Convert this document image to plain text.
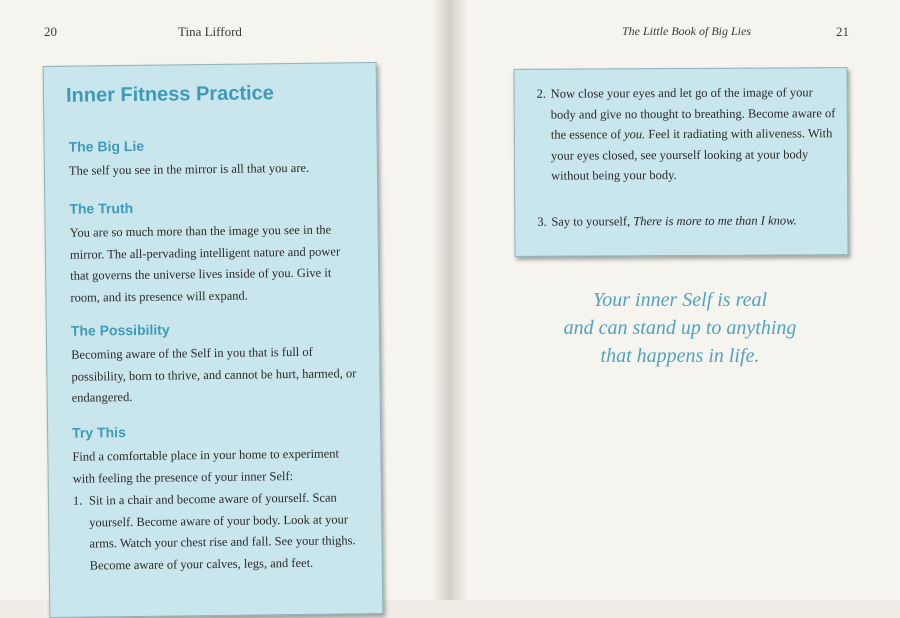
20	Tina Lifford	The Little Book of Big Lies	21
Inner Fitness Practice
The Big Lie
The self you see in the mirror is all that you are.
The Truth
You are so much more than the image you see in the mirror. The all-pervading intelligent nature and power that governs the universe lives inside of you. Give it room, and its presence will expand.
The Possibility
Becoming aware of the Self in you that is full of possibility, born to thrive, and cannot be hurt, harmed, or endangered.
Try This
Find a comfortable place in your home to experiment with feeling the presence of your inner Self:
1. Sit in a chair and become aware of yourself. Scan yourself. Become aware of your body. Look at your arms. Watch your chest rise and fall. See your thighs. Become aware of your calves, legs, and feet.
2. Now close your eyes and let go of the image of your body and give no thought to breathing. Become aware of the essence of you. Feel it radiating with aliveness. With your eyes closed, see yourself looking at your body without being your body.
3. Say to yourself, There is more to me than I know.
Your inner Self is real
and can stand up to anything
that happens in life.
